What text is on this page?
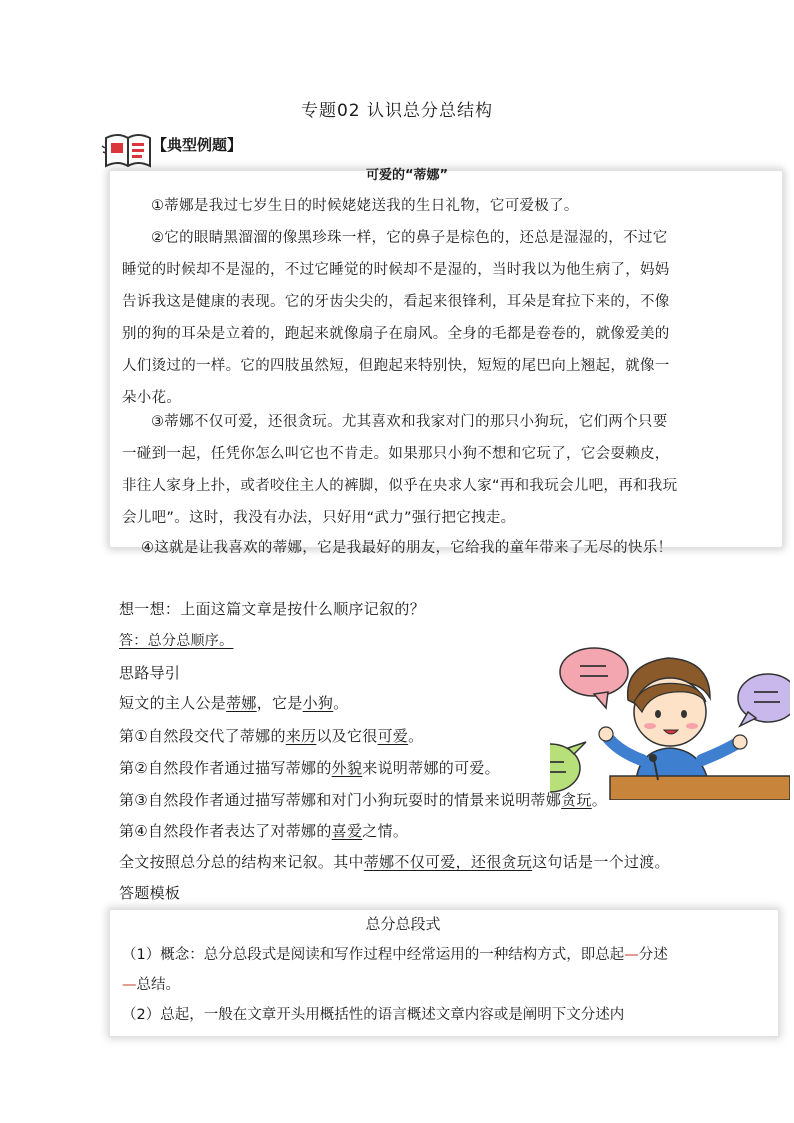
专题02 认识总分总结构
【典型例题】
可爱的“蒂娜”
①蒂娜是我过七岁生日的时候姥姥送我的生日礼物，它可爱极了。
②它的眼睛黑溜溜的像黑珍珠一样，它的鼻子是棕色的，还总是湿湿的，不过它睡觉的时候却不是湿的，不过它睡觉的时候却不是湿的，当时我以为他生病了，妈妈告诉我这是健康的表现。它的牙齿尖尖的，看起来很锋利，耳朵是耷拉下来的，不像别的狗的耳朵是立着的，跑起来就像扇子在扇风。全身的毛都是卷卷的，就像爱美的人们烫过的一样。它的四肢虽然短，但跑起来特别快，短短的尾巴向上翘起，就像一朵小花。
③蒂娜不仅可爱，还很贪玩。尤其喜欢和我家对门的那只小狗玩，它们两个只要一碰到一起，任凭你怎么叫它也不肯走。如果那只小狗不想和它玩了，它会耍赖皮，非往人家身上扑，或者咬住主人的裤脚，似乎在央求人家“再和我玩会儿吧，再和我玩会儿吧”。这时，我没有办法，只好用“武力”强行把它拽走。
④这就是让我喜欢的蒂娜，它是我最好的朋友，它给我的童年带来了无尽的快乐！
想一想：上面这篇文章是按什么顺序记叙的？
答：总分总顺序。
思路导引
短文的主人公是蒂娜，它是小狗。
第①自然段交代了蒂娜的来历以及它很可爱。
第②自然段作者通过描写蒂娜的外貌来说明蒂娜的可爱。
第③自然段作者通过描写蒂娜和对门小狗玩耍时的情景来说明蒂娜贪玩。
第④自然段作者表达了对蒂娜的喜爱之情。
全文按照总分总的结构来记叙。其中蒂娜不仅可爱，还很贪玩这句话是一个过渡。
答题模板
总分总段式
（1）概念：总分总段式是阅读和写作过程中经常运用的一种结构方式，即总起—分述—总结。
（2）总起，一般在文章开头用概括性的语言概述文章内容或是阐明下文分述内
